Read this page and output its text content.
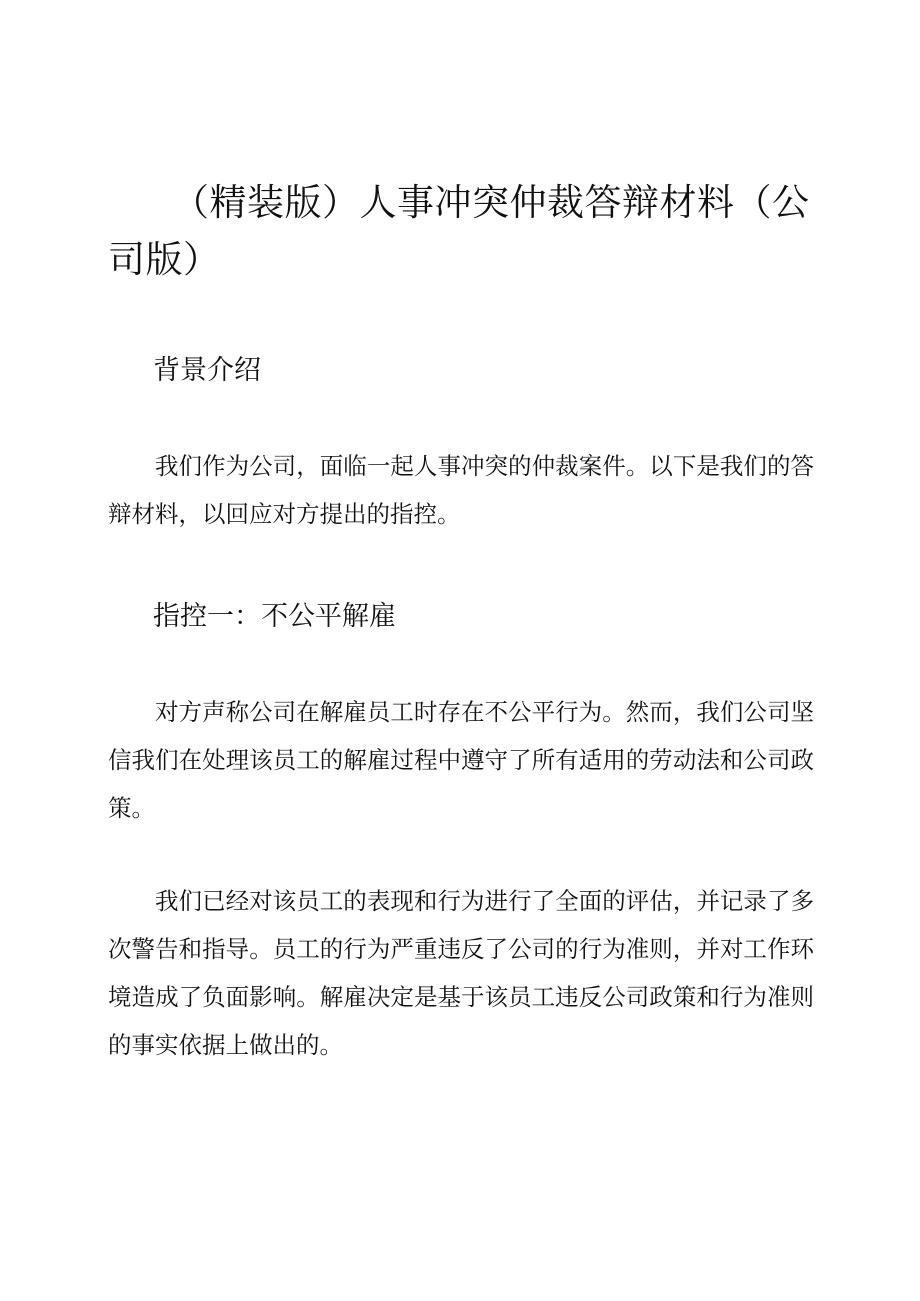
（精装版）人事冲突仲裁答辩材料（公司版）
背景介绍

我们作为公司，面临一起人事冲突的仲裁案件。以下是我们的答辩材料，以回应对方提出的指控。

指控一：不公平解雇

对方声称公司在解雇员工时存在不公平行为。然而，我们公司坚信我们在处理该员工的解雇过程中遵守了所有适用的劳动法和公司政策。

我们已经对该员工的表现和行为进行了全面的评估，并记录了多次警告和指导。员工的行为严重违反了公司的行为准则，并对工作环境造成了负面影响。解雇决定是基于该员工违反公司政策和行为准则的事实依据上做出的。
